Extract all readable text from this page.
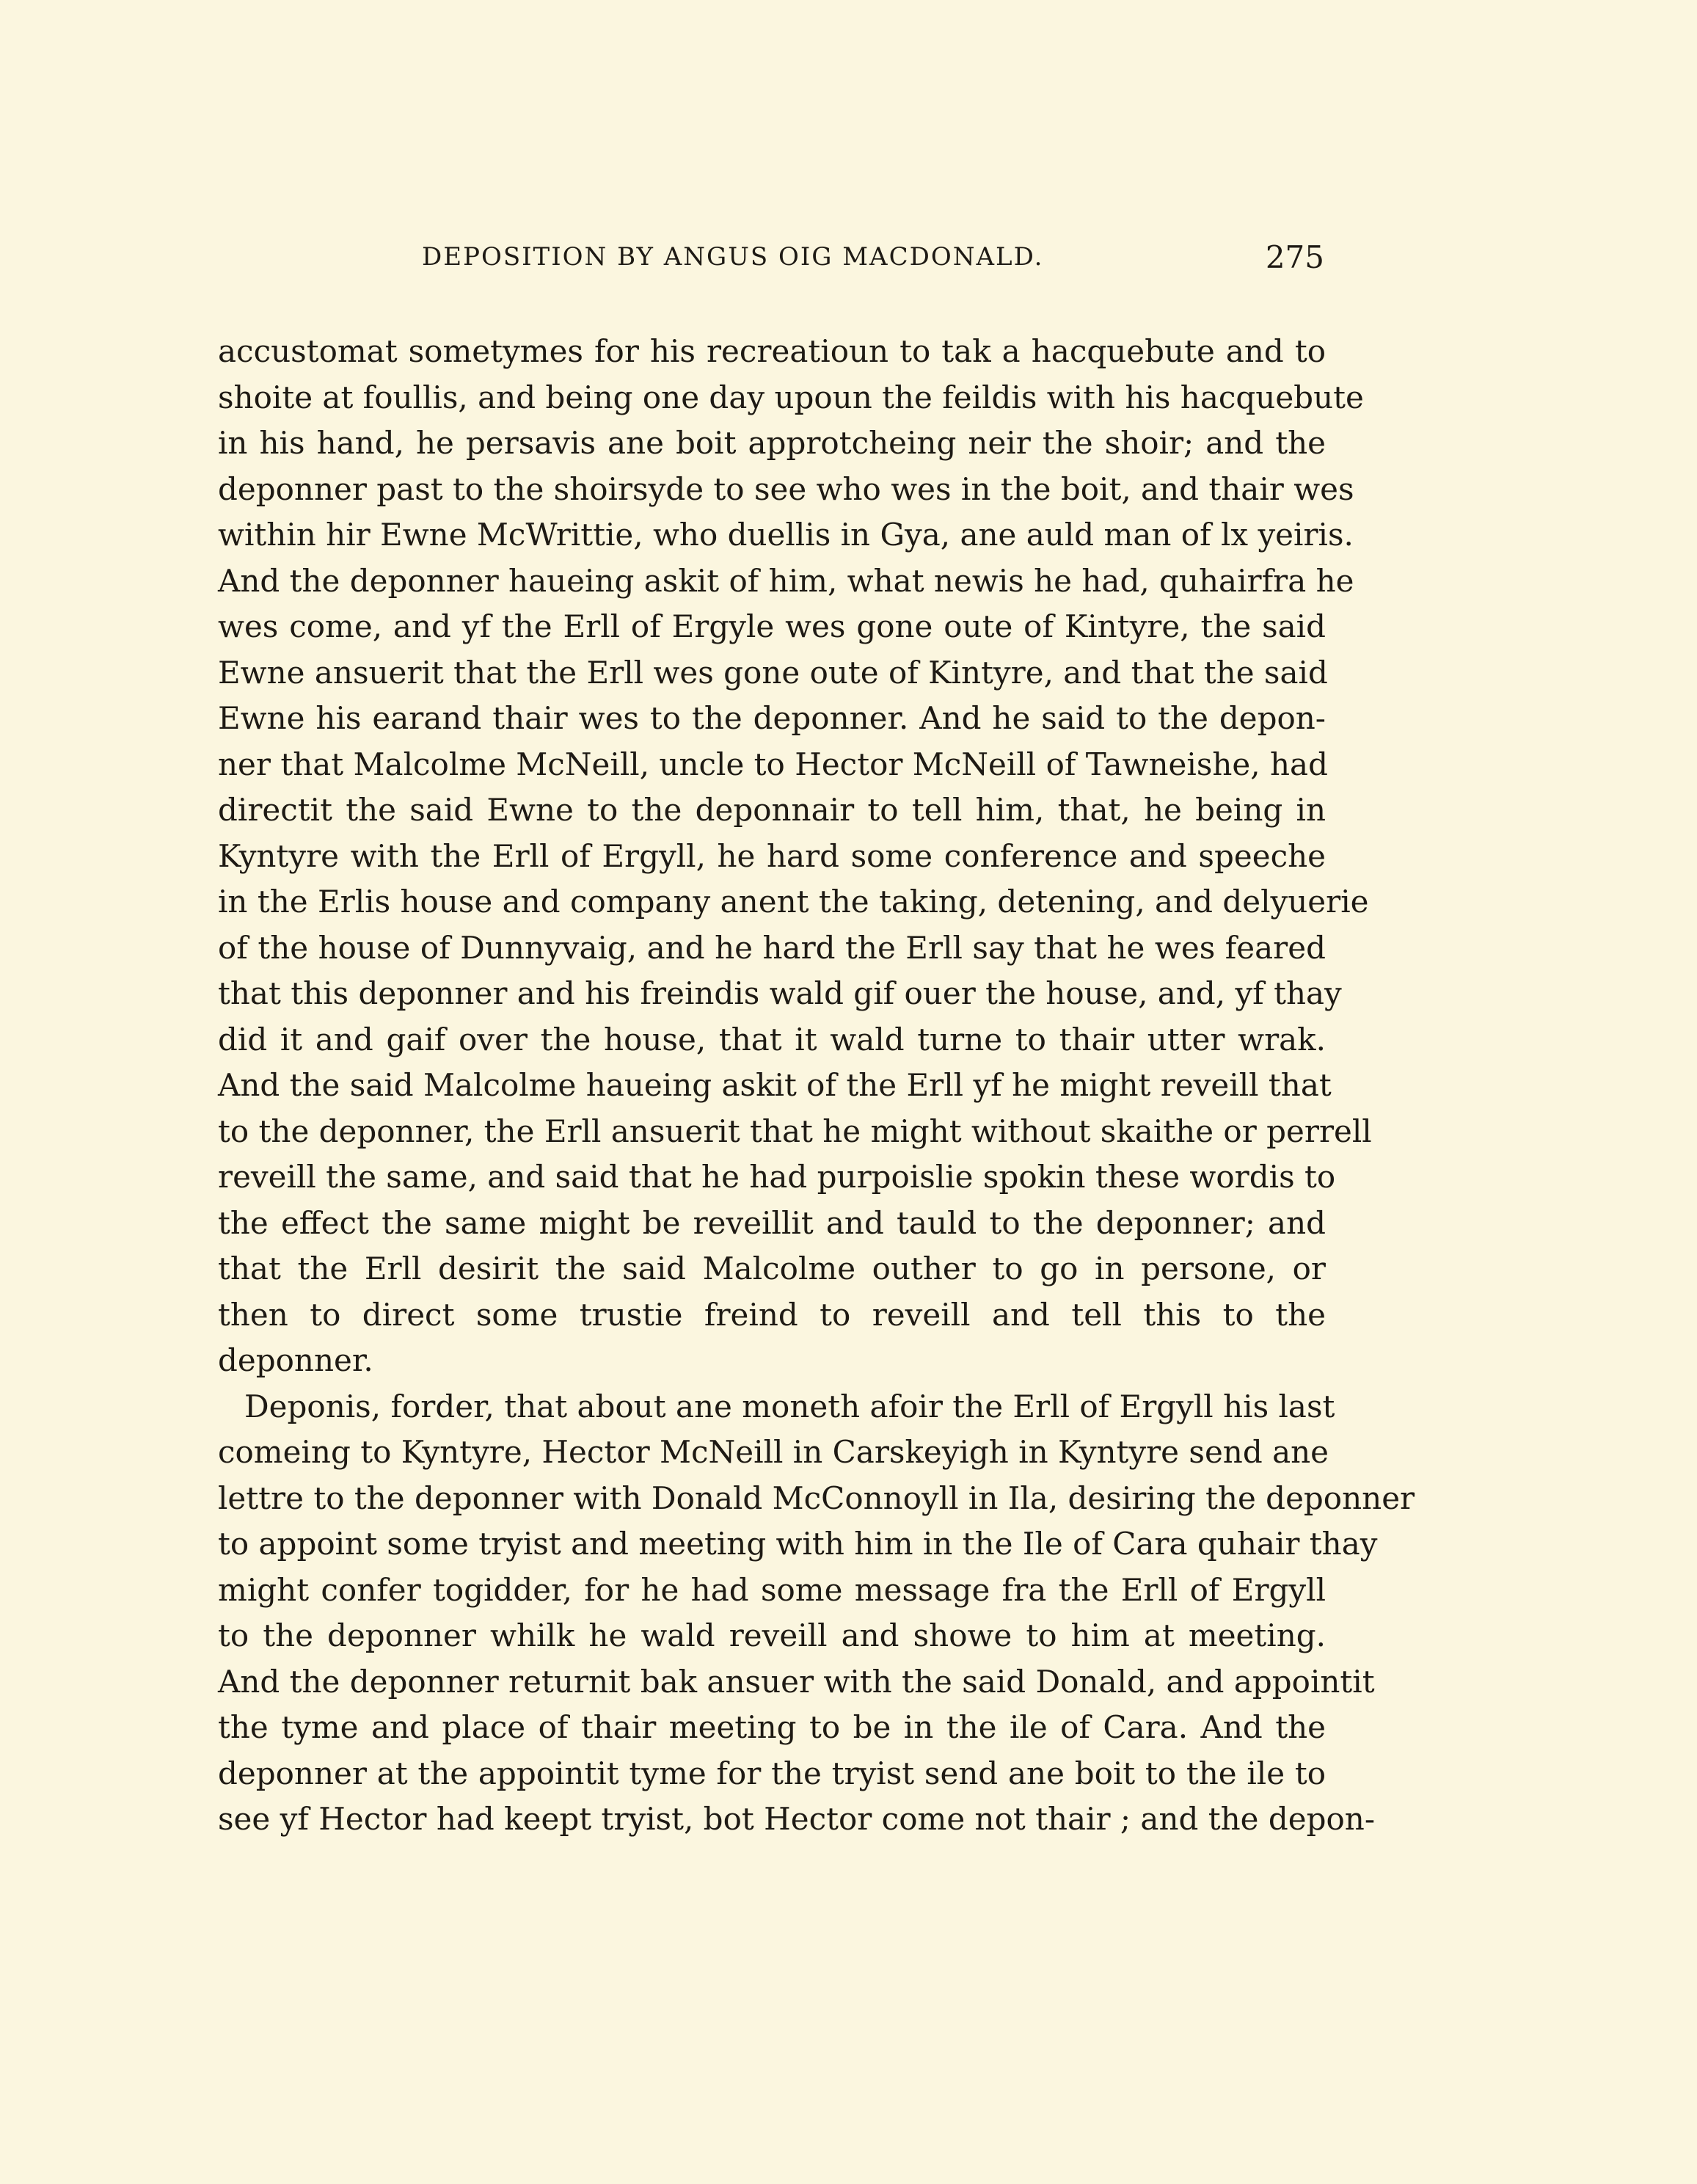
DEPOSITION BY ANGUS OIG MACDONALD.	275
accustomat sometymes for his recreatioun to tak a hacquebute and to
shoite at foullis, and being one day upoun the feildis with his hacquebute
in his hand, he persavis ane boit approtcheing neir the shoir; and the
deponner past to the shoirsyde to see who wes in the boit, and thair wes
within hir Ewne McWrittie, who duellis in Gya, ane auld man of lx yeiris.
And the deponner haueing askit of him, what newis he had, quhairfra he
wes come, and yf the Erll of Ergyle wes gone oute of Kintyre, the said
Ewne ansuerit that the Erll wes gone oute of Kintyre, and that the said
Ewne his earand thair wes to the deponner. And he said to the depon-
ner that Malcolme McNeill, uncle to Hector McNeill of Tawneishe, had
directit the said Ewne to the deponnair to tell him, that, he being in
Kyntyre with the Erll of Ergyll, he hard some conference and speeche
in the Erlis house and company anent the taking, detening, and delyuerie
of the house of Dunnyvaig, and he hard the Erll say that he wes feared
that this deponner and his freindis wald gif ouer the house, and, yf thay
did it and gaif over the house, that it wald turne to thair utter wrak.
And the said Malcolme haueing askit of the Erll yf he might reveill that
to the deponner, the Erll ansuerit that he might without skaithe or perrell
reveill the same, and said that he had purpoislie spokin these wordis to
the effect the same might be reveillit and tauld to the deponner; and
that the Erll desirit the said Malcolme outher to go in persone, or
then to direct some trustie freind to reveill and tell this to the
deponner.
Deponis, forder, that about ane moneth afoir the Erll of Ergyll his last
comeing to Kyntyre, Hector McNeill in Carskeyigh in Kyntyre send ane
lettre to the deponner with Donald McConnoyll in Ila, desiring the deponner
to appoint some tryist and meeting with him in the Ile of Cara quhair thay
might confer togidder, for he had some message fra the Erll of Ergyll
to the deponner whilk he wald reveill and showe to him at meeting.
And the deponner returnit bak ansuer with the said Donald, and appointit
the tyme and place of thair meeting to be in the ile of Cara. And the
deponner at the appointit tyme for the tryist send ane boit to the ile to
see yf Hector had keept tryist, bot Hector come not thair ; and the depon-
